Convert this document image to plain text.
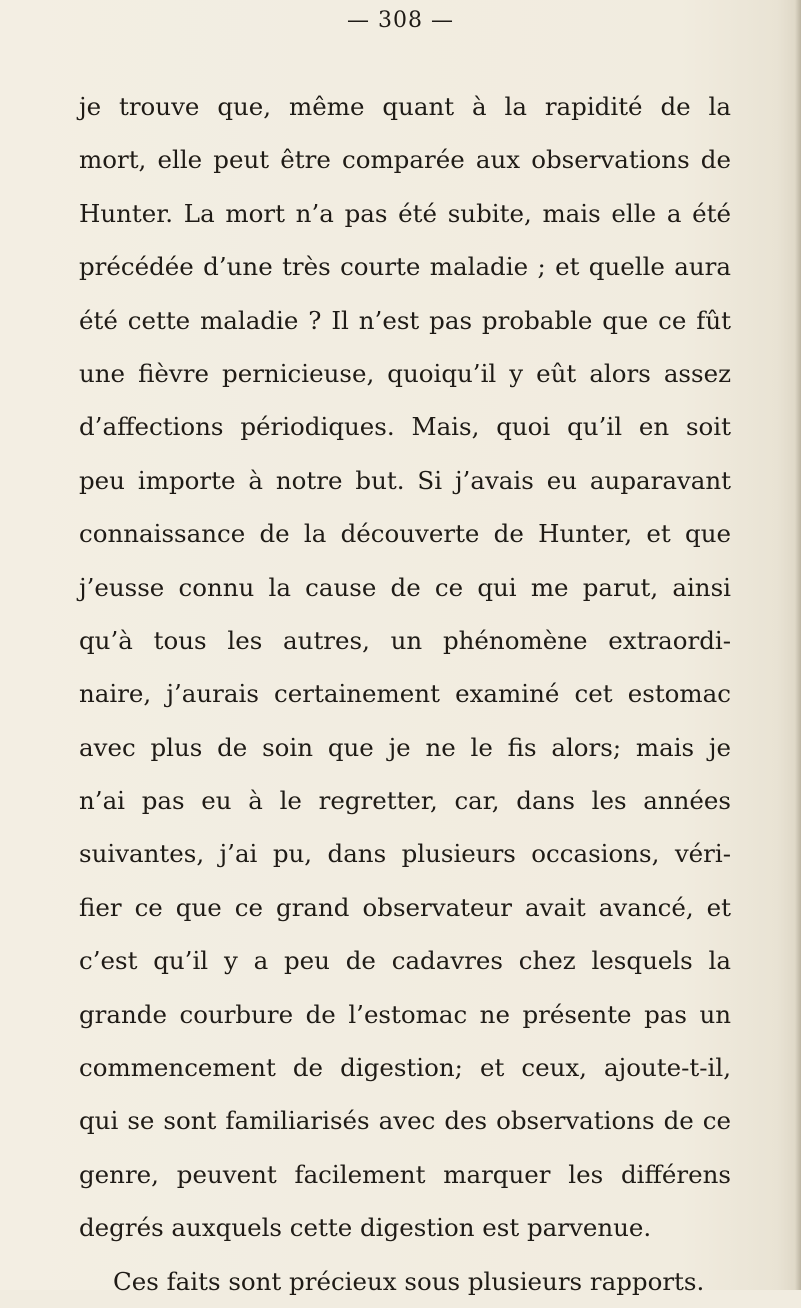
— 308 —
je trouve que, même quant à la rapidité de la
mort, elle peut être comparée aux observations de
Hunter. La mort n’a pas été subite, mais elle a été
précédée d’une très courte maladie ; et quelle aura
été cette maladie ? Il n’est pas probable que ce fût
une fièvre pernicieuse, quoiqu’il y eût alors assez
d’affections périodiques. Mais, quoi qu’il en soit
peu importe à notre but. Si j’avais eu auparavant
connaissance de la découverte de Hunter, et que
j’eusse connu la cause de ce qui me parut, ainsi
qu’à tous les autres, un phénomène extraordi-
naire, j’aurais certainement examiné cet estomac
avec plus de soin que je ne le fis alors; mais je
n’ai pas eu à le regretter, car, dans les années
suivantes, j’ai pu, dans plusieurs occasions, véri-
fier ce que ce grand observateur avait avancé, et
c’est qu’il y a peu de cadavres chez lesquels la
grande courbure de l’estomac ne présente pas un
commencement de digestion; et ceux, ajoute-t-il,
qui se sont familiarisés avec des observations de ce
genre, peuvent facilement marquer les différens
degrés auxquels cette digestion est parvenue.
Ces faits sont précieux sous plusieurs rapports.
